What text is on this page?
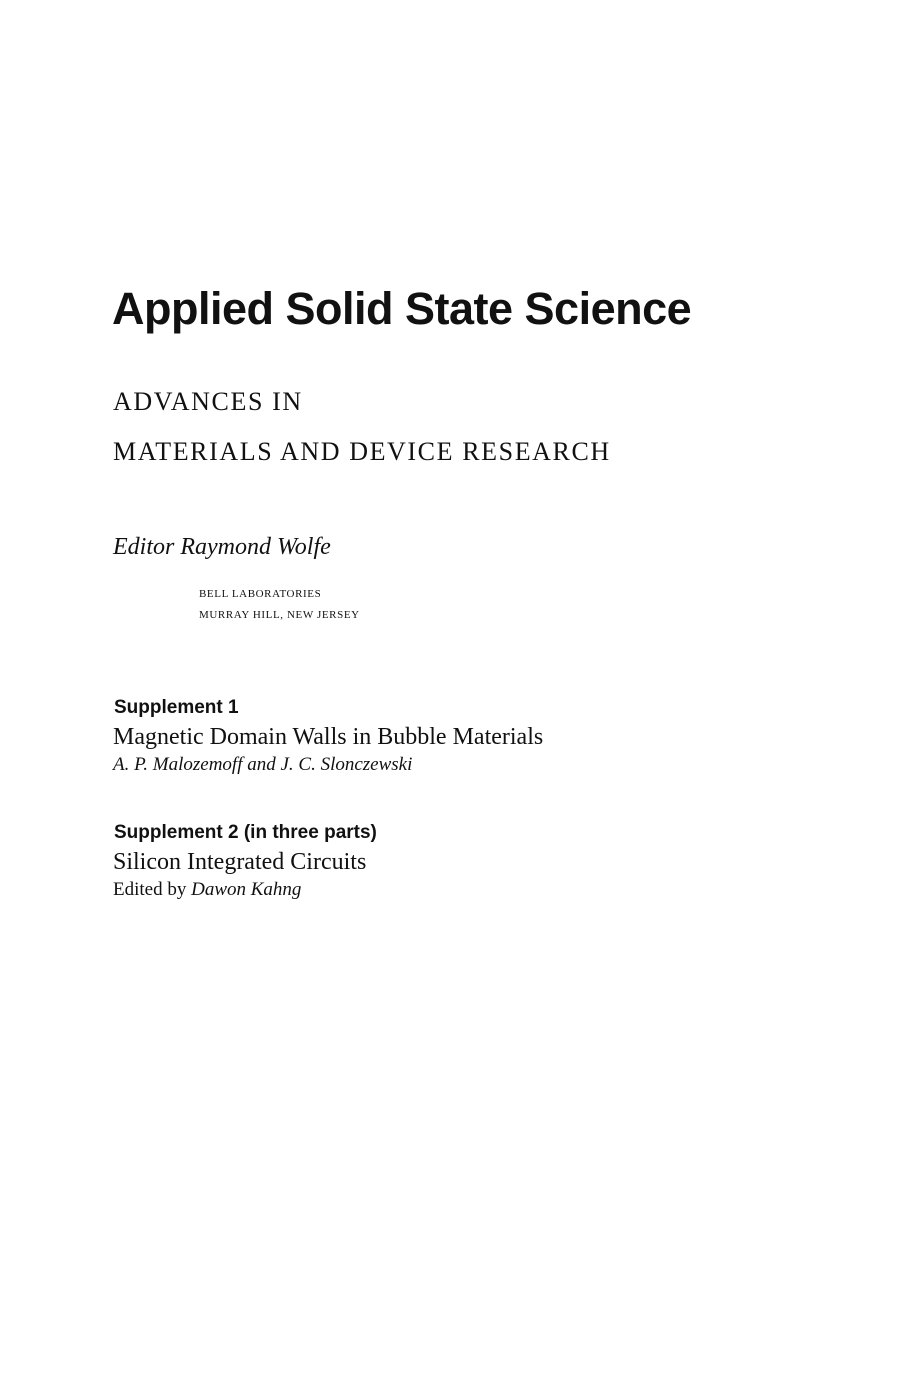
Applied Solid State Science

ADVANCES IN

MATERIALS AND DEVICE RESEARCH

Editor Raymond Wolfe

BELL LABORATORIES

MURRAY HILL, NEW JERSEY

Supplement 1

Magnetic Domain Walls in Bubble Materials

A. P. Malozemoff and J. C. Slonczewski

Supplement 2 (in three parts)

Silicon Integrated Circuits

Edited by Dawon Kahng
